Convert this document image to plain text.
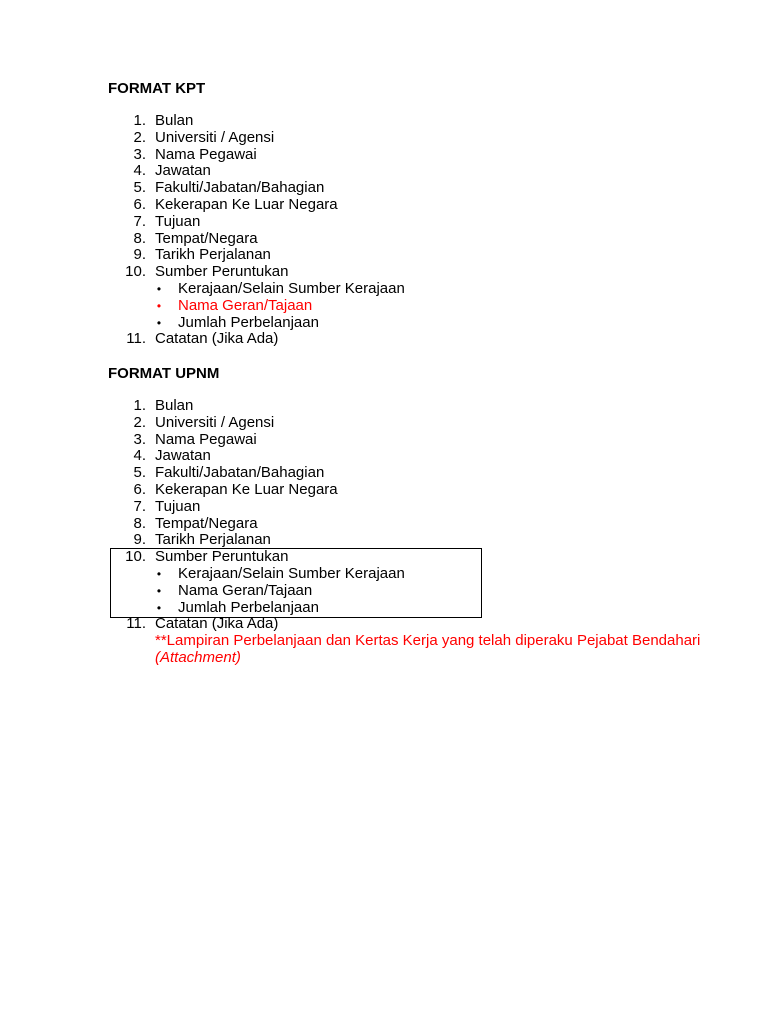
FORMAT KPT
1. Bulan
2. Universiti / Agensi
3. Nama Pegawai
4. Jawatan
5. Fakulti/Jabatan/Bahagian
6. Kekerapan Ke Luar Negara
7. Tujuan
8. Tempat/Negara
9. Tarikh Perjalanan
10. Sumber Peruntukan
• Kerajaan/Selain Sumber Kerajaan
• Nama Geran/Tajaan
• Jumlah Perbelanjaan
11. Catatan (Jika Ada)
FORMAT UPNM
1. Bulan
2. Universiti / Agensi
3. Nama Pegawai
4. Jawatan
5. Fakulti/Jabatan/Bahagian
6. Kekerapan Ke Luar Negara
7. Tujuan
8. Tempat/Negara
9. Tarikh Perjalanan
10. Sumber Peruntukan
• Kerajaan/Selain Sumber Kerajaan
• Nama Geran/Tajaan
• Jumlah Perbelanjaan
11. Catatan (Jika Ada)
**Lampiran Perbelanjaan dan Kertas Kerja yang telah diperaku Pejabat Bendahari
(Attachment)
